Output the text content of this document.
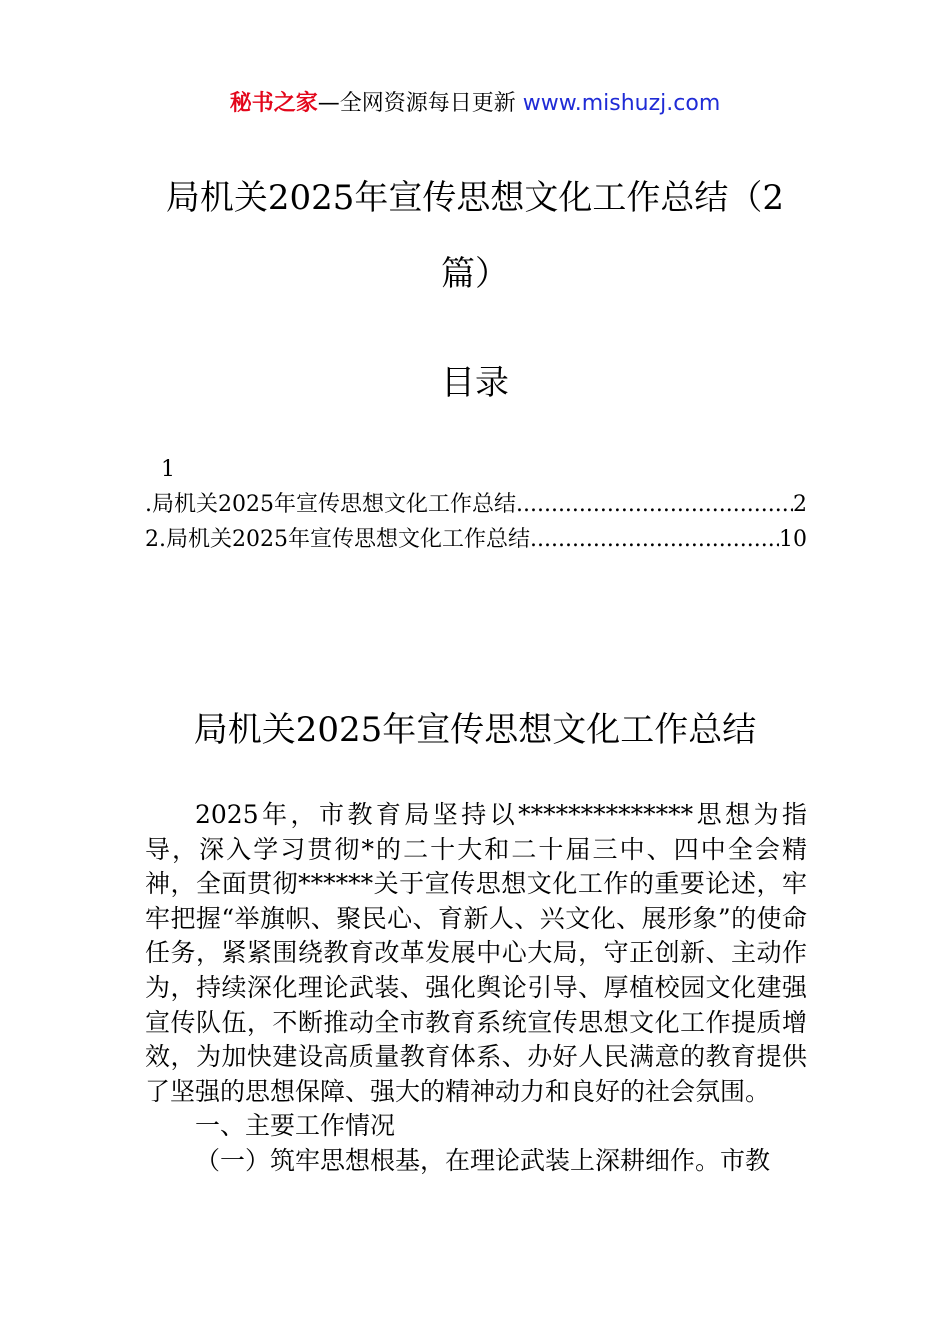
秘书之家—全网资源每日更新 www.mishuzj.com
局机关2025年宣传思想文化工作总结（2篇）
目录
1
.局机关2025年宣传思想文化工作总结 .....	2
2.局机关2025年宣传思想文化工作总结 .....	10
局机关2025年宣传思想文化工作总结

2025年，市教育局坚持以**************思想为指导，深入学习贯彻*的二十大和二十届三中、四中全会精神，全面贯彻******关于宣传思想文化工作的重要论述，牢牢把握“举旗帜、聚民心、育新人、兴文化、展形象”的使命任务，紧紧围绕教育改革发展中心大局，守正创新、主动作为，持续深化理论武装、强化舆论引导、厚植校园文化建强宣传队伍，不断推动全市教育系统宣传思想文化工作提质增效，为加快建设高质量教育体系、办好人民满意的教育提供了坚强的思想保障、强大的精神动力和良好的社会氛围。

一、主要工作情况

（一）筑牢思想根基，在理论武装上深耕细作。市教
